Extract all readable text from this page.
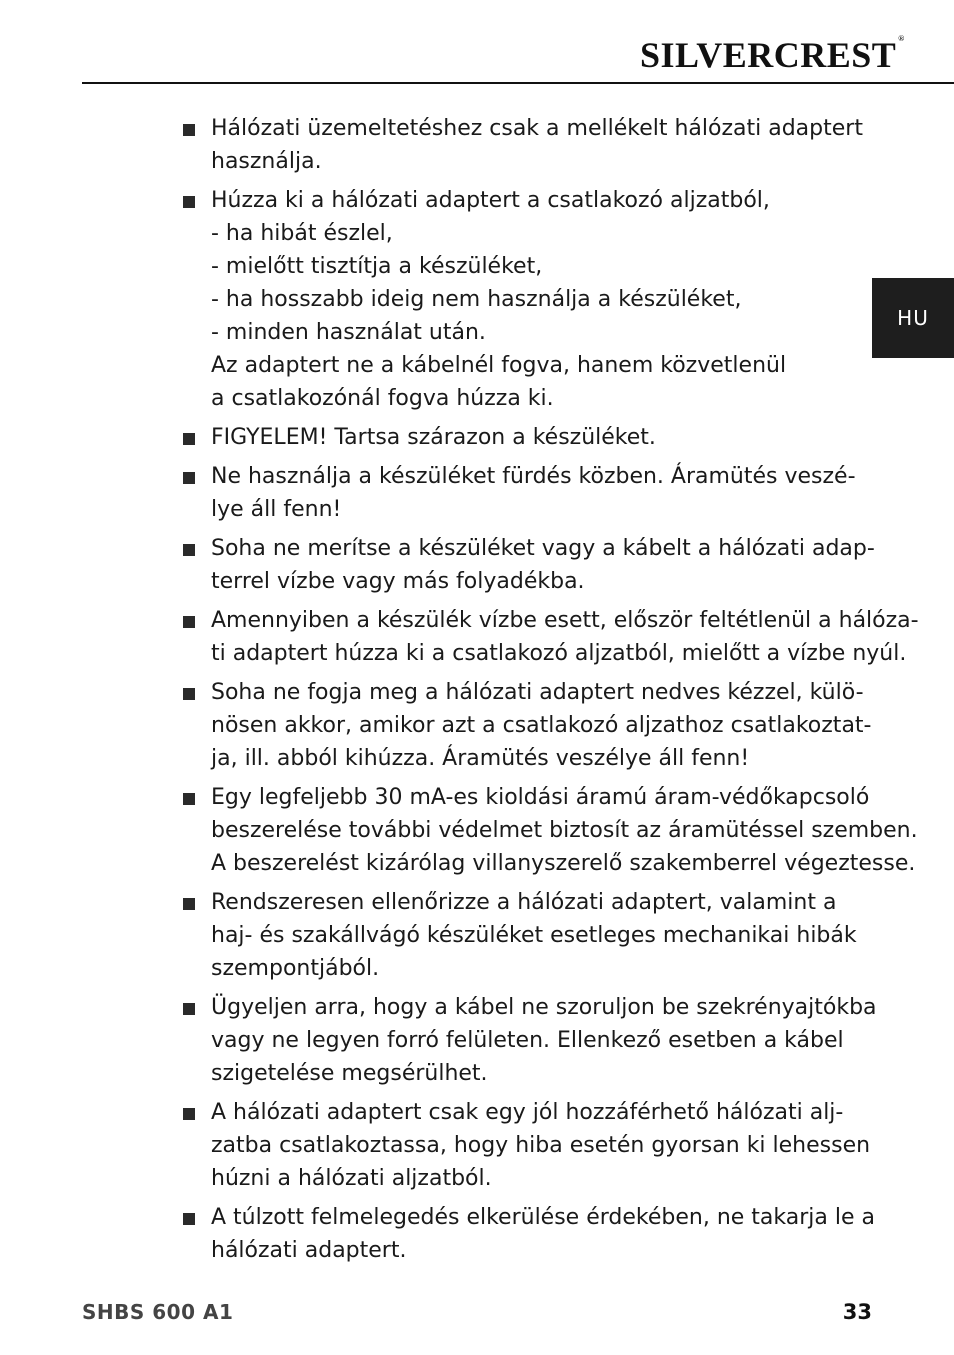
SILVERCREST ®
HU
Hálózati üzemeltetéshez csak a mellékelt hálózati adaptert
használja.
Húzza ki a hálózati adaptert a csatlakozó aljzatból,
- ha hibát észlel,
- mielőtt tisztítja a készüléket,
- ha hosszabb ideig nem használja a készüléket,
- minden használat után.
Az adaptert ne a kábelnél fogva, hanem közvetlenül
a csatlakozónál fogva húzza ki.
FIGYELEM! Tartsa szárazon a készüléket.
Ne használja a készüléket fürdés közben. Áramütés veszé-
lye áll fenn!
Soha ne merítse a készüléket vagy a kábelt a hálózati adap-
terrel vízbe vagy más folyadékba.
Amennyiben a készülék vízbe esett, először feltétlenül a hálóza-
ti adaptert húzza ki a csatlakozó aljzatból, mielőtt a vízbe nyúl.
Soha ne fogja meg a hálózati adaptert nedves kézzel, külö-
nösen akkor, amikor azt a csatlakozó aljzathoz csatlakoztat-
ja, ill. abból kihúzza. Áramütés veszélye áll fenn!
Egy legfeljebb 30 mA-es kioldási áramú áram-védőkapcsoló
beszerelése további védelmet biztosít az áramütéssel szemben.
A beszerelést kizárólag villanyszerelő szakemberrel végeztesse.
Rendszeresen ellenőrizze a hálózati adaptert, valamint a
haj- és szakállvágó készüléket esetleges mechanikai hibák
szempontjából.
Ügyeljen arra, hogy a kábel ne szoruljon be szekrényajtókba
vagy ne legyen forró felületen. Ellenkező esetben a kábel
szigetelése megsérülhet.
A hálózati adaptert csak egy jól hozzáférhető hálózati alj-
zatba csatlakoztassa, hogy hiba esetén gyorsan ki lehessen
húzni a hálózati aljzatból.
A túlzott felmelegedés elkerülése érdekében, ne takarja le a
hálózati adaptert.
SHBS 600 A1	33
